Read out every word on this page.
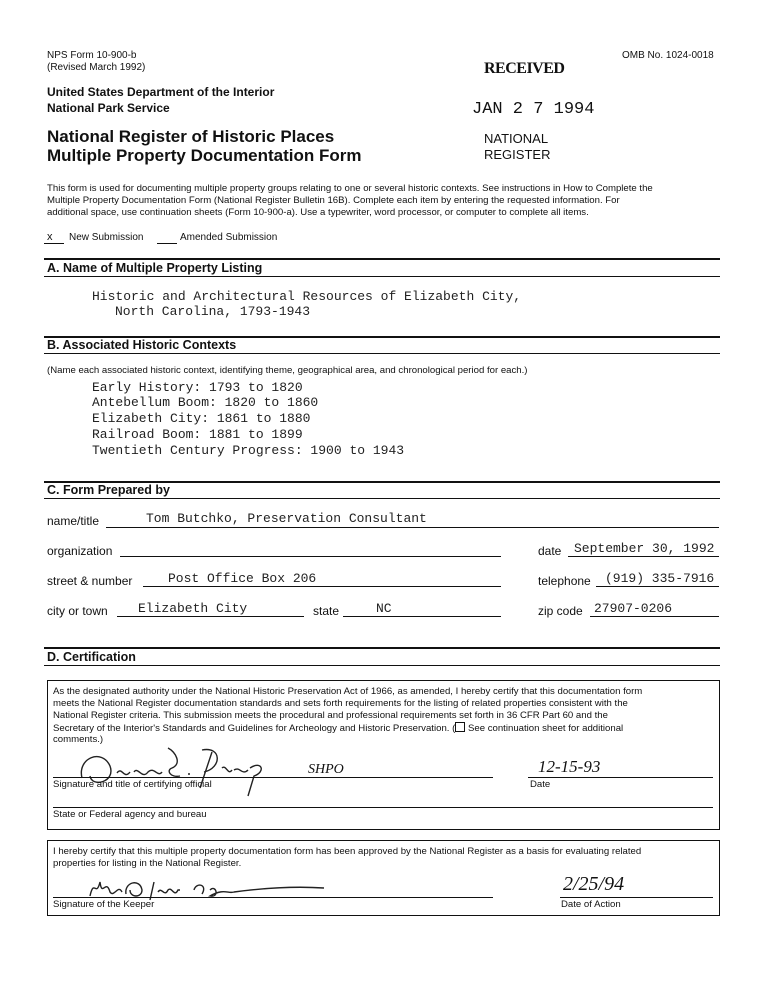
NPS Form 10-900-b
(Revised March 1992)
OMB No. 1024-0018
United States Department of the Interior
National Park Service
National Register of Historic Places
Multiple Property Documentation Form
RECEIVED
JAN 2 7 1994
NATIONAL
REGISTER
This form is used for documenting multiple property groups relating to one or several historic contexts. See instructions in How to Complete the
Multiple Property Documentation Form (National Register Bulletin 16B). Complete each item by entering the requested information. For
additional space, use continuation sheets (Form 10-900-a). Use a typewriter, word processor, or computer to complete all items.
x New Submission	Amended Submission
A. Name of Multiple Property Listing
Historic and Architectural Resources of Elizabeth City,
North Carolina, 1793-1943
B. Associated Historic Contexts
(Name each associated historic context, identifying theme, geographical area, and chronological period for each.)
Early History: 1793 to 1820
Antebellum Boom: 1820 to 1860
Elizabeth City: 1861 to 1880
Railroad Boom: 1881 to 1899
Twentieth Century Progress: 1900 to 1943
C. Form Prepared by
name/title	Tom Butchko, Preservation Consultant
organization	date September 30, 1992
street & number	Post Office Box 206	telephone (919) 335-7916
city or town Elizabeth City	state	NC	zip code 27907-0206
D. Certification
As the designated authority under the National Historic Preservation Act of 1966, as amended, I hereby certify that this documentation form
meets the National Register documentation standards and sets forth requirements for the listing of related properties consistent with the
National Register criteria. This submission meets the procedural and professional requirements set forth in 36 CFR Part 60 and the
Secretary of the Interior's Standards and Guidelines for Archeology and Historic Preservation. ( See continuation sheet for additional
comments.)
SHPO
Signature and title of certifying official
12-15-93
Date
State or Federal agency and bureau
I hereby certify that this multiple property documentation form has been approved by the National Register as a basis for evaluating related
properties for listing in the National Register.
Signature of the Keeper
2/25/94
Date of Action
